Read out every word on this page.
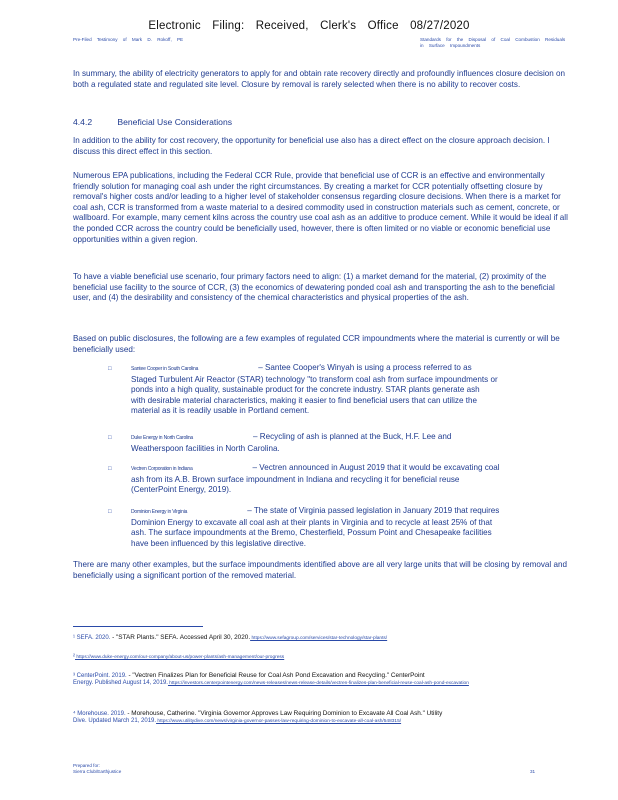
Electronic Filing: Received, Clerk's Office 08/27/2020
Pre-Filed Testimony of Mark D. Rokoff, PE	Standards for the Disposal of Coal Combustion Residuals in Surface Impoundments
In summary, the ability of electricity generators to apply for and obtain rate recovery directly and profoundly influences closure decision on both a regulated state and regulated site level. Closure by removal is rarely selected when there is no ability to recover costs.
4.4.2	Beneficial Use Considerations
In addition to the ability for cost recovery, the opportunity for beneficial use also has a direct effect on the closure approach decision. I discuss this direct effect in this section.
Numerous EPA publications, including the Federal CCR Rule, provide that beneficial use of CCR is an effective and environmentally friendly solution for managing coal ash under the right circumstances. By creating a market for CCR potentially offsetting closure by removal's higher costs and/or leading to a higher level of stakeholder consensus regarding closure decisions. When there is a market for coal ash, CCR is transformed from a waste material to a desired commodity used in construction materials such as cement, concrete, or wallboard. For example, many cement kilns across the country use coal ash as an additive to produce cement. While it would be ideal if all the ponded CCR across the country could be beneficially used, however, there is often limited or no viable or economic beneficial use opportunities within a given region.
To have a viable beneficial use scenario, four primary factors need to align: (1) a market demand for the material, (2) proximity of the beneficial use facility to the source of CCR, (3) the economics of dewatering ponded coal ash and transporting the ash to the beneficial user, and (4) the desirability and consistency of the chemical characteristics and physical properties of the ash.
Based on public disclosures, the following are a few examples of regulated CCR impoundments where the material is currently or will be beneficially used:
□	Santee Cooper in South Carolina	– Santee Cooper's Winyah is using a process referred to as
Staged Turbulent Air Reactor (STAR) technology "to transform coal ash from surface impoundments or
ponds into a high quality, sustainable product for the concrete industry. STAR plants generate ash
with desirable material characteristics, making it easier to find beneficial users that can utilize the
material as it is readily usable in Portland cement.
□	Duke Energy in North Carolina	– Recycling of ash is planned at the Buck, H.F. Lee and
Weatherspoon facilities in North Carolina.
□	Vectren Corporation in Indiana	– Vectren announced in August 2019 that it would be excavating coal
ash from its A.B. Brown surface impoundment in Indiana and recycling it for beneficial reuse
(CenterPoint Energy, 2019).
□	Dominion Energy in Virginia	– The state of Virginia passed legislation in January 2019 that requires
Dominion Energy to excavate all coal ash at their plants in Virginia and to recycle at least 25% of that
ash. The surface impoundments at the Bremo, Chesterfield, Possum Point and Chesapeake facilities
have been influenced by this legislative directive.
There are many other examples, but the surface impoundments identified above are all very large units that will be closing by removal and beneficially using a significant portion of the removed material.
¹ SEFA. 2020. - "STAR Plants." SEFA. Accessed April 30, 2020. https://www.sefagroup.com/services/star-technology/star-plants/
² https://www.duke-energy.com/our-company/about-us/power-plants/ash-management/our-progress
³ CenterPoint. 2019. - "Vectren Finalizes Plan for Beneficial Reuse for Coal Ash Pond Excavation and Recycling." CenterPoint
Energy. Published August 14, 2019. https://investors.centerpointenergy.com/news-releases/news-release-details/vectren-finalizes-plan-beneficial-reuse-coal-ash-pond-excavation
⁴ Morehouse. 2019. - Morehouse, Catherine. "Virginia Governor Approves Law Requiring Dominion to Excavate All Coal Ash." Utility
Dive. Updated March 21, 2019. https://www.utilitydive.com/news/virginia-governor-passes-law-requiring-dominion-to-excavate-all-coal-ash/548315/
Prepared for:
Sierra Club/Earthjustice	31
